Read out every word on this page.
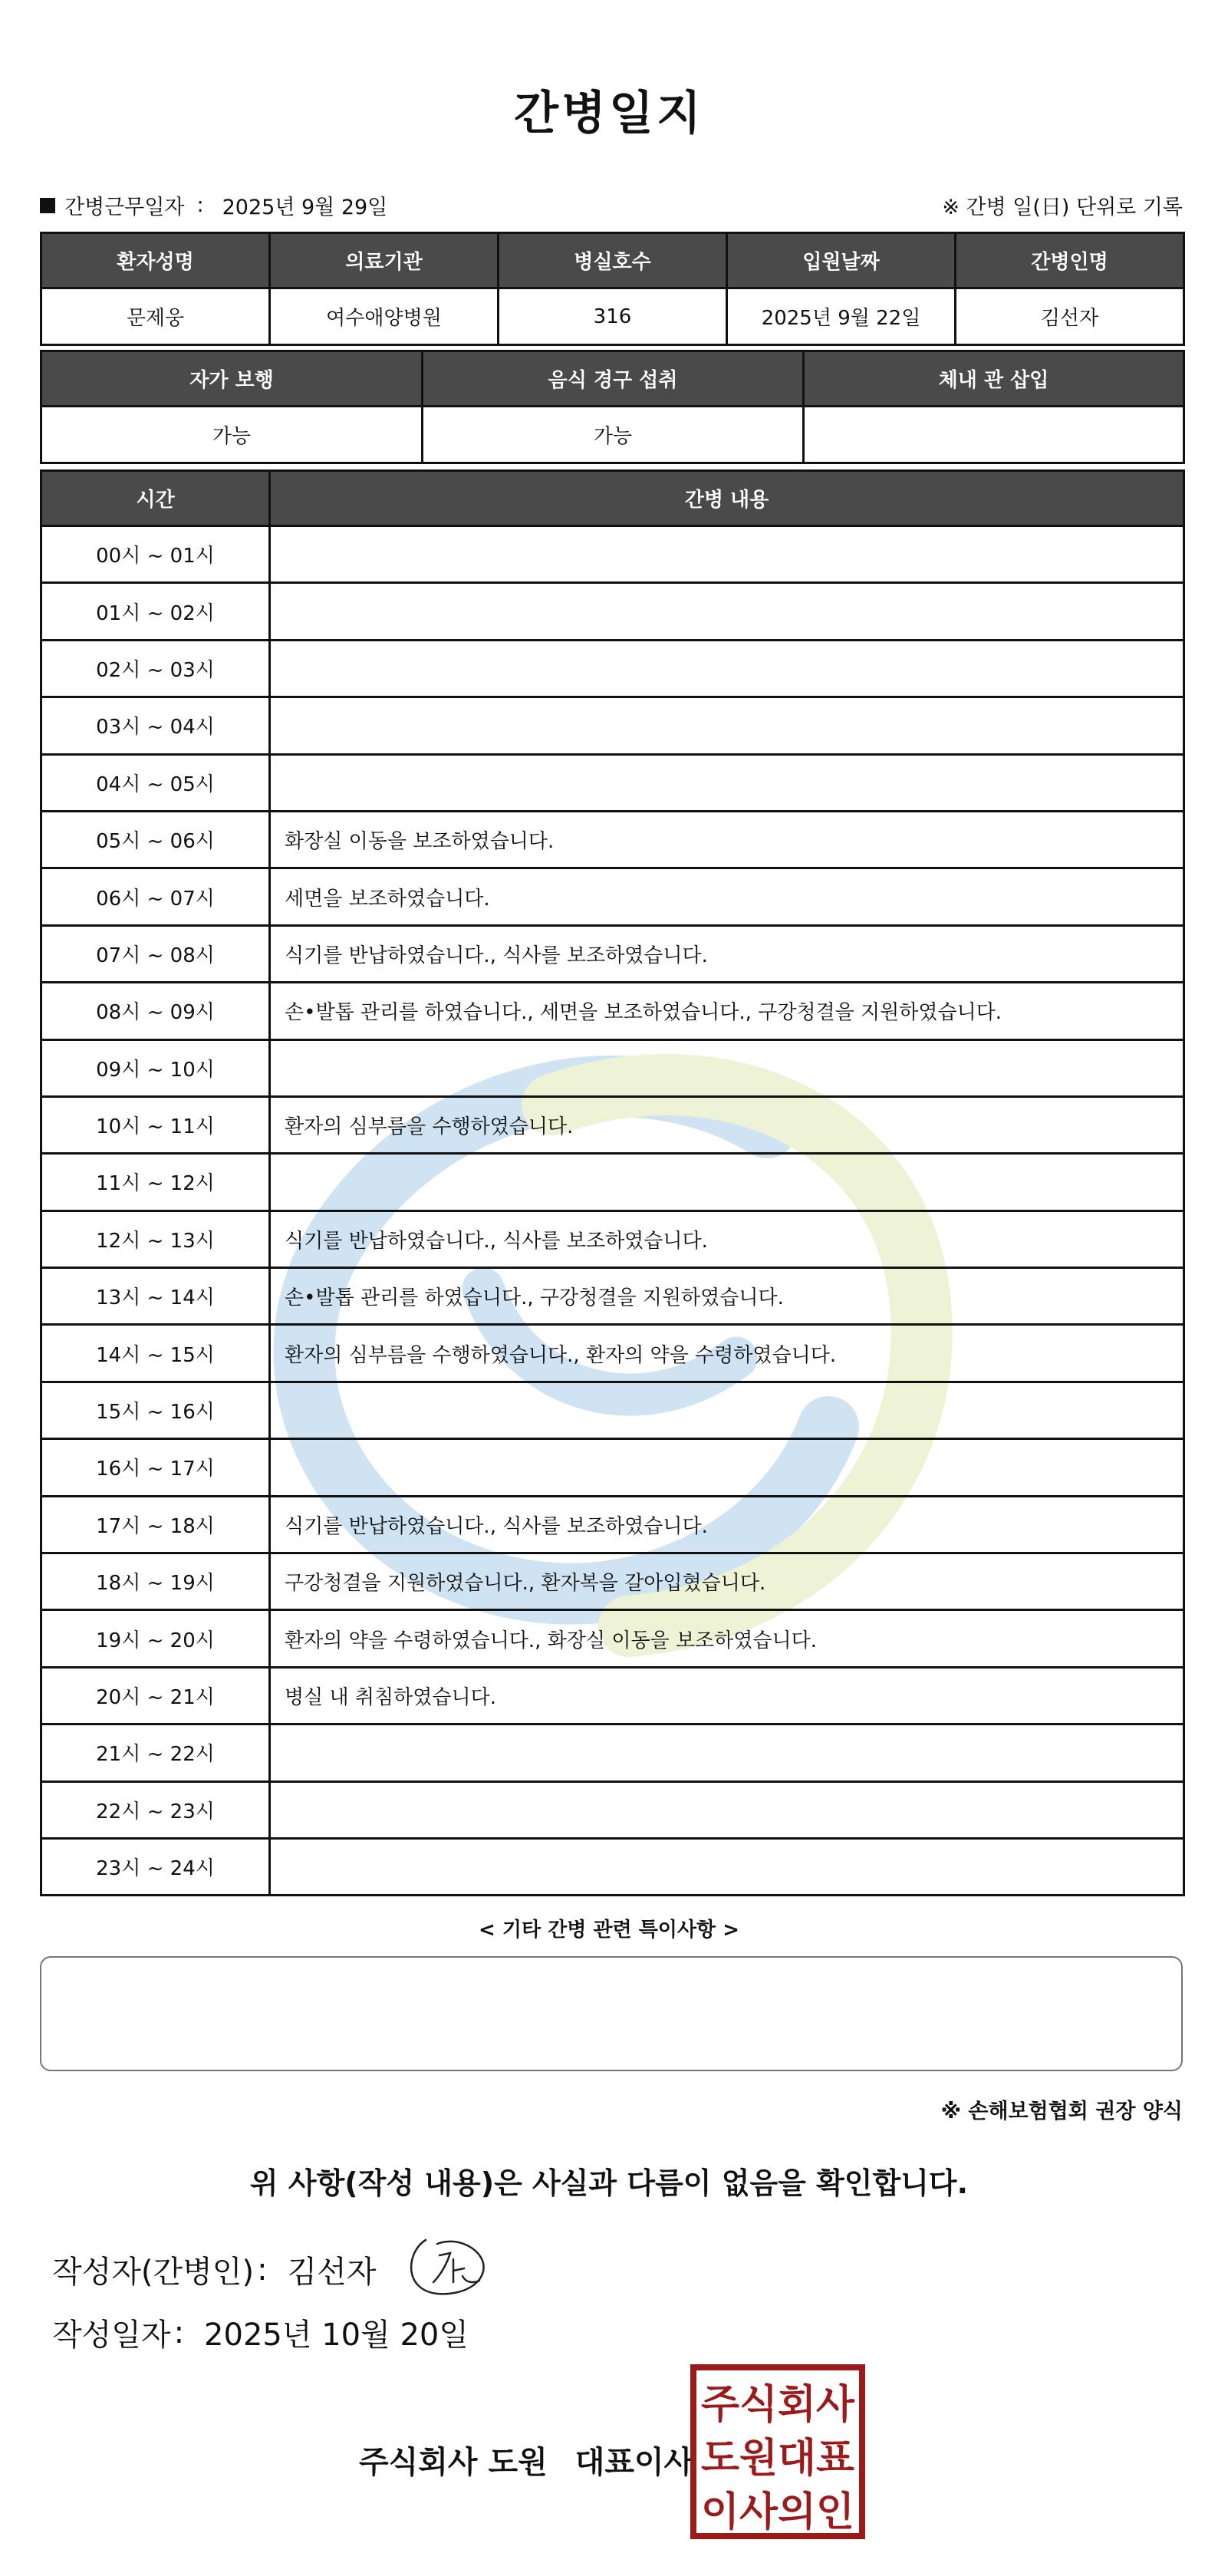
간병일지
간병근무일자 : 2025년 9월 29일	※ 간병 일(日) 단위로 기록
환자성명	의료기관	병실호수	입원날짜	간병인명
문제웅	여수애양병원	316	2025년 9월 22일	김선자
자가 보행	음식 경구 섭취	체내 관 삽입
가능	가능	
시간	간병 내용
00시 ~ 01시	
01시 ~ 02시	
02시 ~ 03시	
03시 ~ 04시	
04시 ~ 05시	
05시 ~ 06시	화장실 이동을 보조하였습니다.
06시 ~ 07시	세면을 보조하였습니다.
07시 ~ 08시	식기를 반납하였습니다., 식사를 보조하였습니다.
08시 ~ 09시	손•발톱 관리를 하였습니다., 세면을 보조하였습니다., 구강청결을 지원하였습니다.
09시 ~ 10시	
10시 ~ 11시	환자의 심부름을 수행하였습니다.
11시 ~ 12시	
12시 ~ 13시	식기를 반납하였습니다., 식사를 보조하였습니다.
13시 ~ 14시	손•발톱 관리를 하였습니다., 구강청결을 지원하였습니다.
14시 ~ 15시	환자의 심부름을 수행하였습니다., 환자의 약을 수령하였습니다.
15시 ~ 16시	
16시 ~ 17시	
17시 ~ 18시	식기를 반납하였습니다., 식사를 보조하였습니다.
18시 ~ 19시	구강청결을 지원하였습니다., 환자복을 갈아입혔습니다.
19시 ~ 20시	환자의 약을 수령하였습니다., 화장실 이동을 보조하였습니다.
20시 ~ 21시	병실 내 취침하였습니다.
21시 ~ 22시	
22시 ~ 23시	
23시 ~ 24시	
< 기타 간병 관련 특이사항 >
※ 손해보험협회 권장 양식
위 사항(작성 내용)은 사실과 다름이 없음을 확인합니다.
작성자(간병인) : 김선자
작성일자 : 2025년 10월 20일
주식회사 도원 대표이사
주식회사
도원대표
이사의인
